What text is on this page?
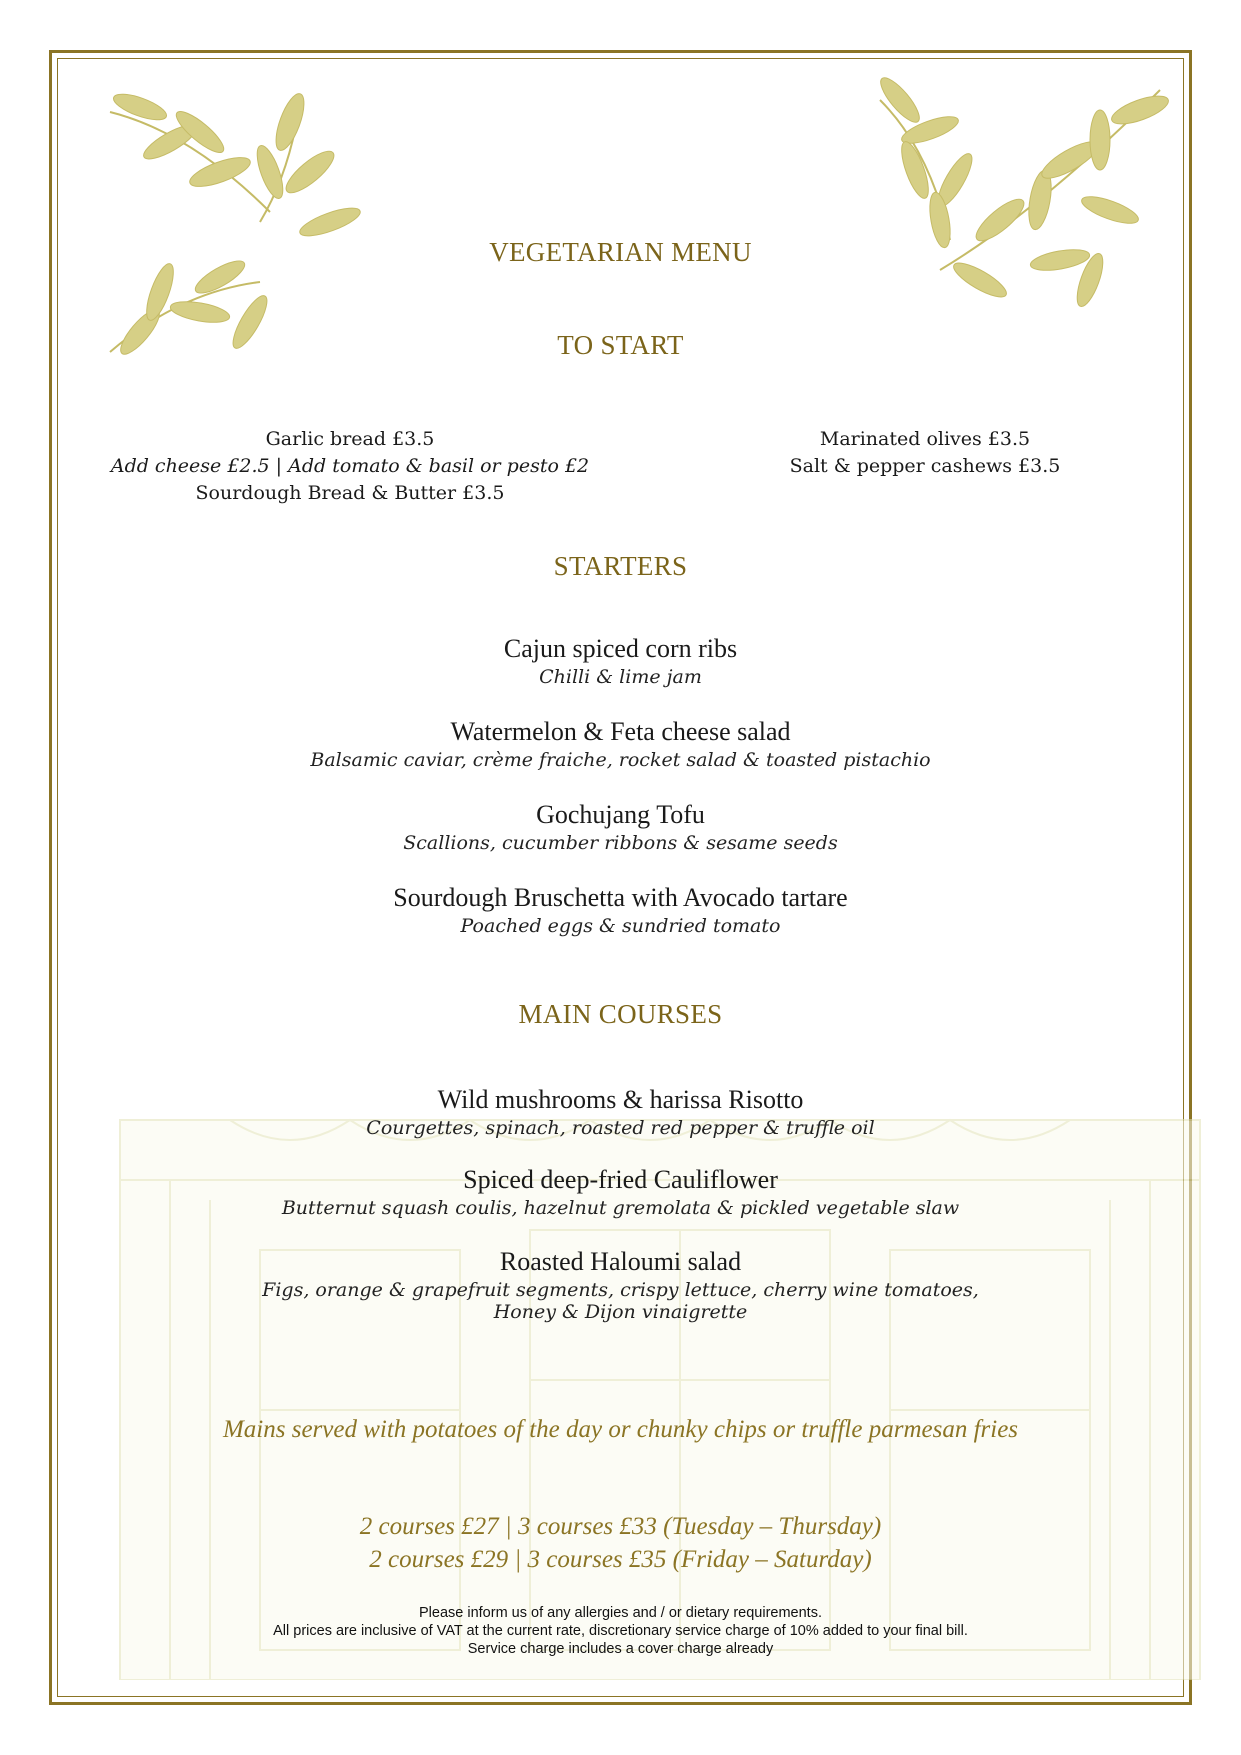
VEGETARIAN MENU
TO START
Garlic bread £3.5
Add cheese £2.5 | Add tomato & basil or pesto £2
Sourdough Bread & Butter £3.5
Marinated olives £3.5
Salt & pepper cashews £3.5
STARTERS
Cajun spiced corn ribs
Chilli & lime jam
Watermelon & Feta cheese salad
Balsamic caviar, crème fraiche, rocket salad & toasted pistachio
Gochujang Tofu
Scallions, cucumber ribbons & sesame seeds
Sourdough Bruschetta with Avocado tartare
Poached eggs & sundried tomato
MAIN COURSES
Wild mushrooms & harissa Risotto
Courgettes, spinach, roasted red pepper & truffle oil
Spiced deep-fried Cauliflower
Butternut squash coulis, hazelnut gremolata & pickled vegetable slaw
Roasted Haloumi salad
Figs, orange & grapefruit segments, crispy lettuce, cherry wine tomatoes,
Honey & Dijon vinaigrette
Mains served with potatoes of the day or chunky chips or truffle parmesan fries
2 courses £27 | 3 courses £33 (Tuesday – Thursday)
2 courses £29 | 3 courses £35 (Friday – Saturday)
Please inform us of any allergies and / or dietary requirements.
All prices are inclusive of VAT at the current rate, discretionary service charge of 10% added to your final bill.
Service charge includes a cover charge already
